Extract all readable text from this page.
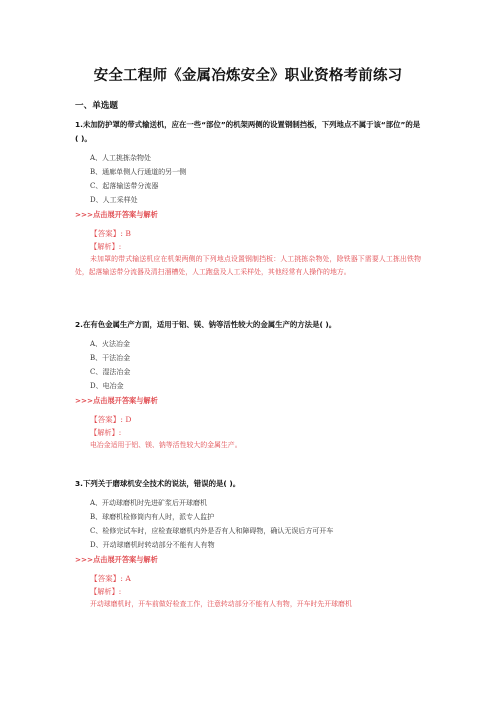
安全工程师《金属冶炼安全》职业资格考前练习
一、单选题

1.未加防护罩的带式输送机，应在一些“部位”的机架两侧的设置钢制挡板，下列地点不属于该“部位”的是( )。

A、人工挑拣杂物处
B、通廊单侧人行通道的另一侧
C、起落输送带分流器
D、人工采样处
>>>点击展开答案与解析
【答案】: B
【解析】:

未加罩的带式输送机应在机架两侧的下列地点设置钢制挡板：人工挑拣杂物处，除铁器下需要人工拣出铁物处，起落输送带分流器及清扫溜槽处，人工跑盘及人工采样处，其他经常有人操作的地方。

2.在有色金属生产方面，适用于铝、镁、钠等活性较大的金属生产的方法是( )。

A、火法冶金
B、干法冶金
C、湿法冶金
D、电冶金
>>>点击展开答案与解析
【答案】: D
【解析】:

电冶金适用于铝、镁、钠等活性较大的金属生产。

3.下列关于磨球机安全技术的说法，错误的是( )。

A、开动球磨机时先进矿浆后开球磨机
B、球磨机检修筒内有人时，派专人监护
C、检修完试车时，应检查球磨机内外是否有人和障碍物，确认无误后方可开车
D、开动球磨机时转动部分不能有人有物
>>>点击展开答案与解析
【答案】: A
【解析】:

开动球磨机时，开车前做好检查工作，注意转动部分不能有人有物，开车时先开球磨机
